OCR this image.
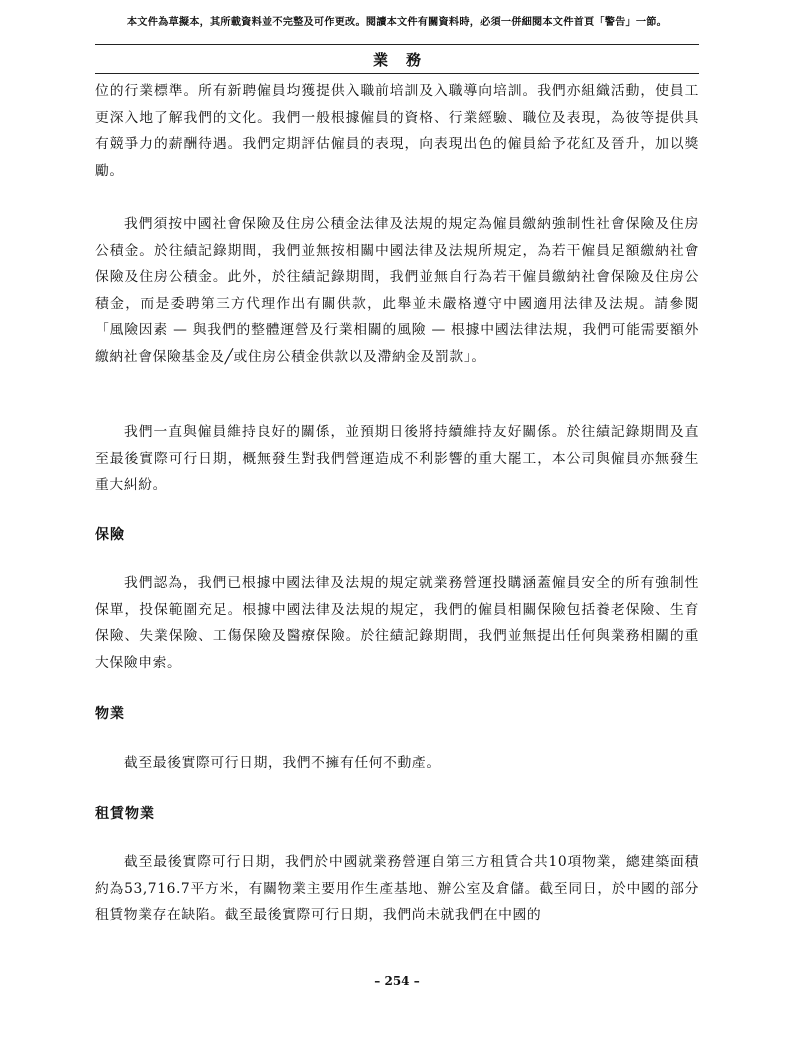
本文件為草擬本，其所載資料並不完整及可作更改。閱讀本文件有關資料時，必須一併細閱本文件首頁「警告」一節。
業務

位的行業標準。所有新聘僱員均獲提供入職前培訓及入職導向培訓。我們亦組織活動，使員工更深入地了解我們的文化。我們一般根據僱員的資格、行業經驗、職位及表現，為彼等提供具有競爭力的薪酬待遇。我們定期評估僱員的表現，向表現出色的僱員給予花紅及晉升，加以獎勵。

我們須按中國社會保險及住房公積金法律及法規的規定為僱員繳納強制性社會保險及住房公積金。於往績記錄期間，我們並無按相關中國法律及法規所規定，為若干僱員足額繳納社會保險及住房公積金。此外，於往績記錄期間，我們並無自行為若干僱員繳納社會保險及住房公積金，而是委聘第三方代理作出有關供款，此舉並未嚴格遵守中國適用法律及法規。請參閱「風險因素 — 與我們的整體運營及行業相關的風險 — 根據中國法律法規，我們可能需要額外繳納社會保險基金及╱或住房公積金供款以及滯納金及罰款」。

我們一直與僱員維持良好的關係，並預期日後將持續維持友好關係。於往績記錄期間及直至最後實際可行日期，概無發生對我們營運造成不利影響的重大罷工，本公司與僱員亦無發生重大糾紛。

保險

我們認為，我們已根據中國法律及法規的規定就業務營運投購涵蓋僱員安全的所有強制性保單，投保範圍充足。根據中國法律及法規的規定，我們的僱員相關保險包括養老保險、生育保險、失業保險、工傷保險及醫療保險。於往績記錄期間，我們並無提出任何與業務相關的重大保險申索。

物業

截至最後實際可行日期，我們不擁有任何不動產。

租賃物業

截至最後實際可行日期，我們於中國就業務營運自第三方租賃合共10項物業，總建築面積約為53,716.7平方米，有關物業主要用作生產基地、辦公室及倉儲。截至同日，於中國的部分租賃物業存在缺陷。截至最後實際可行日期，我們尚未就我們在中國的

– 254 –
